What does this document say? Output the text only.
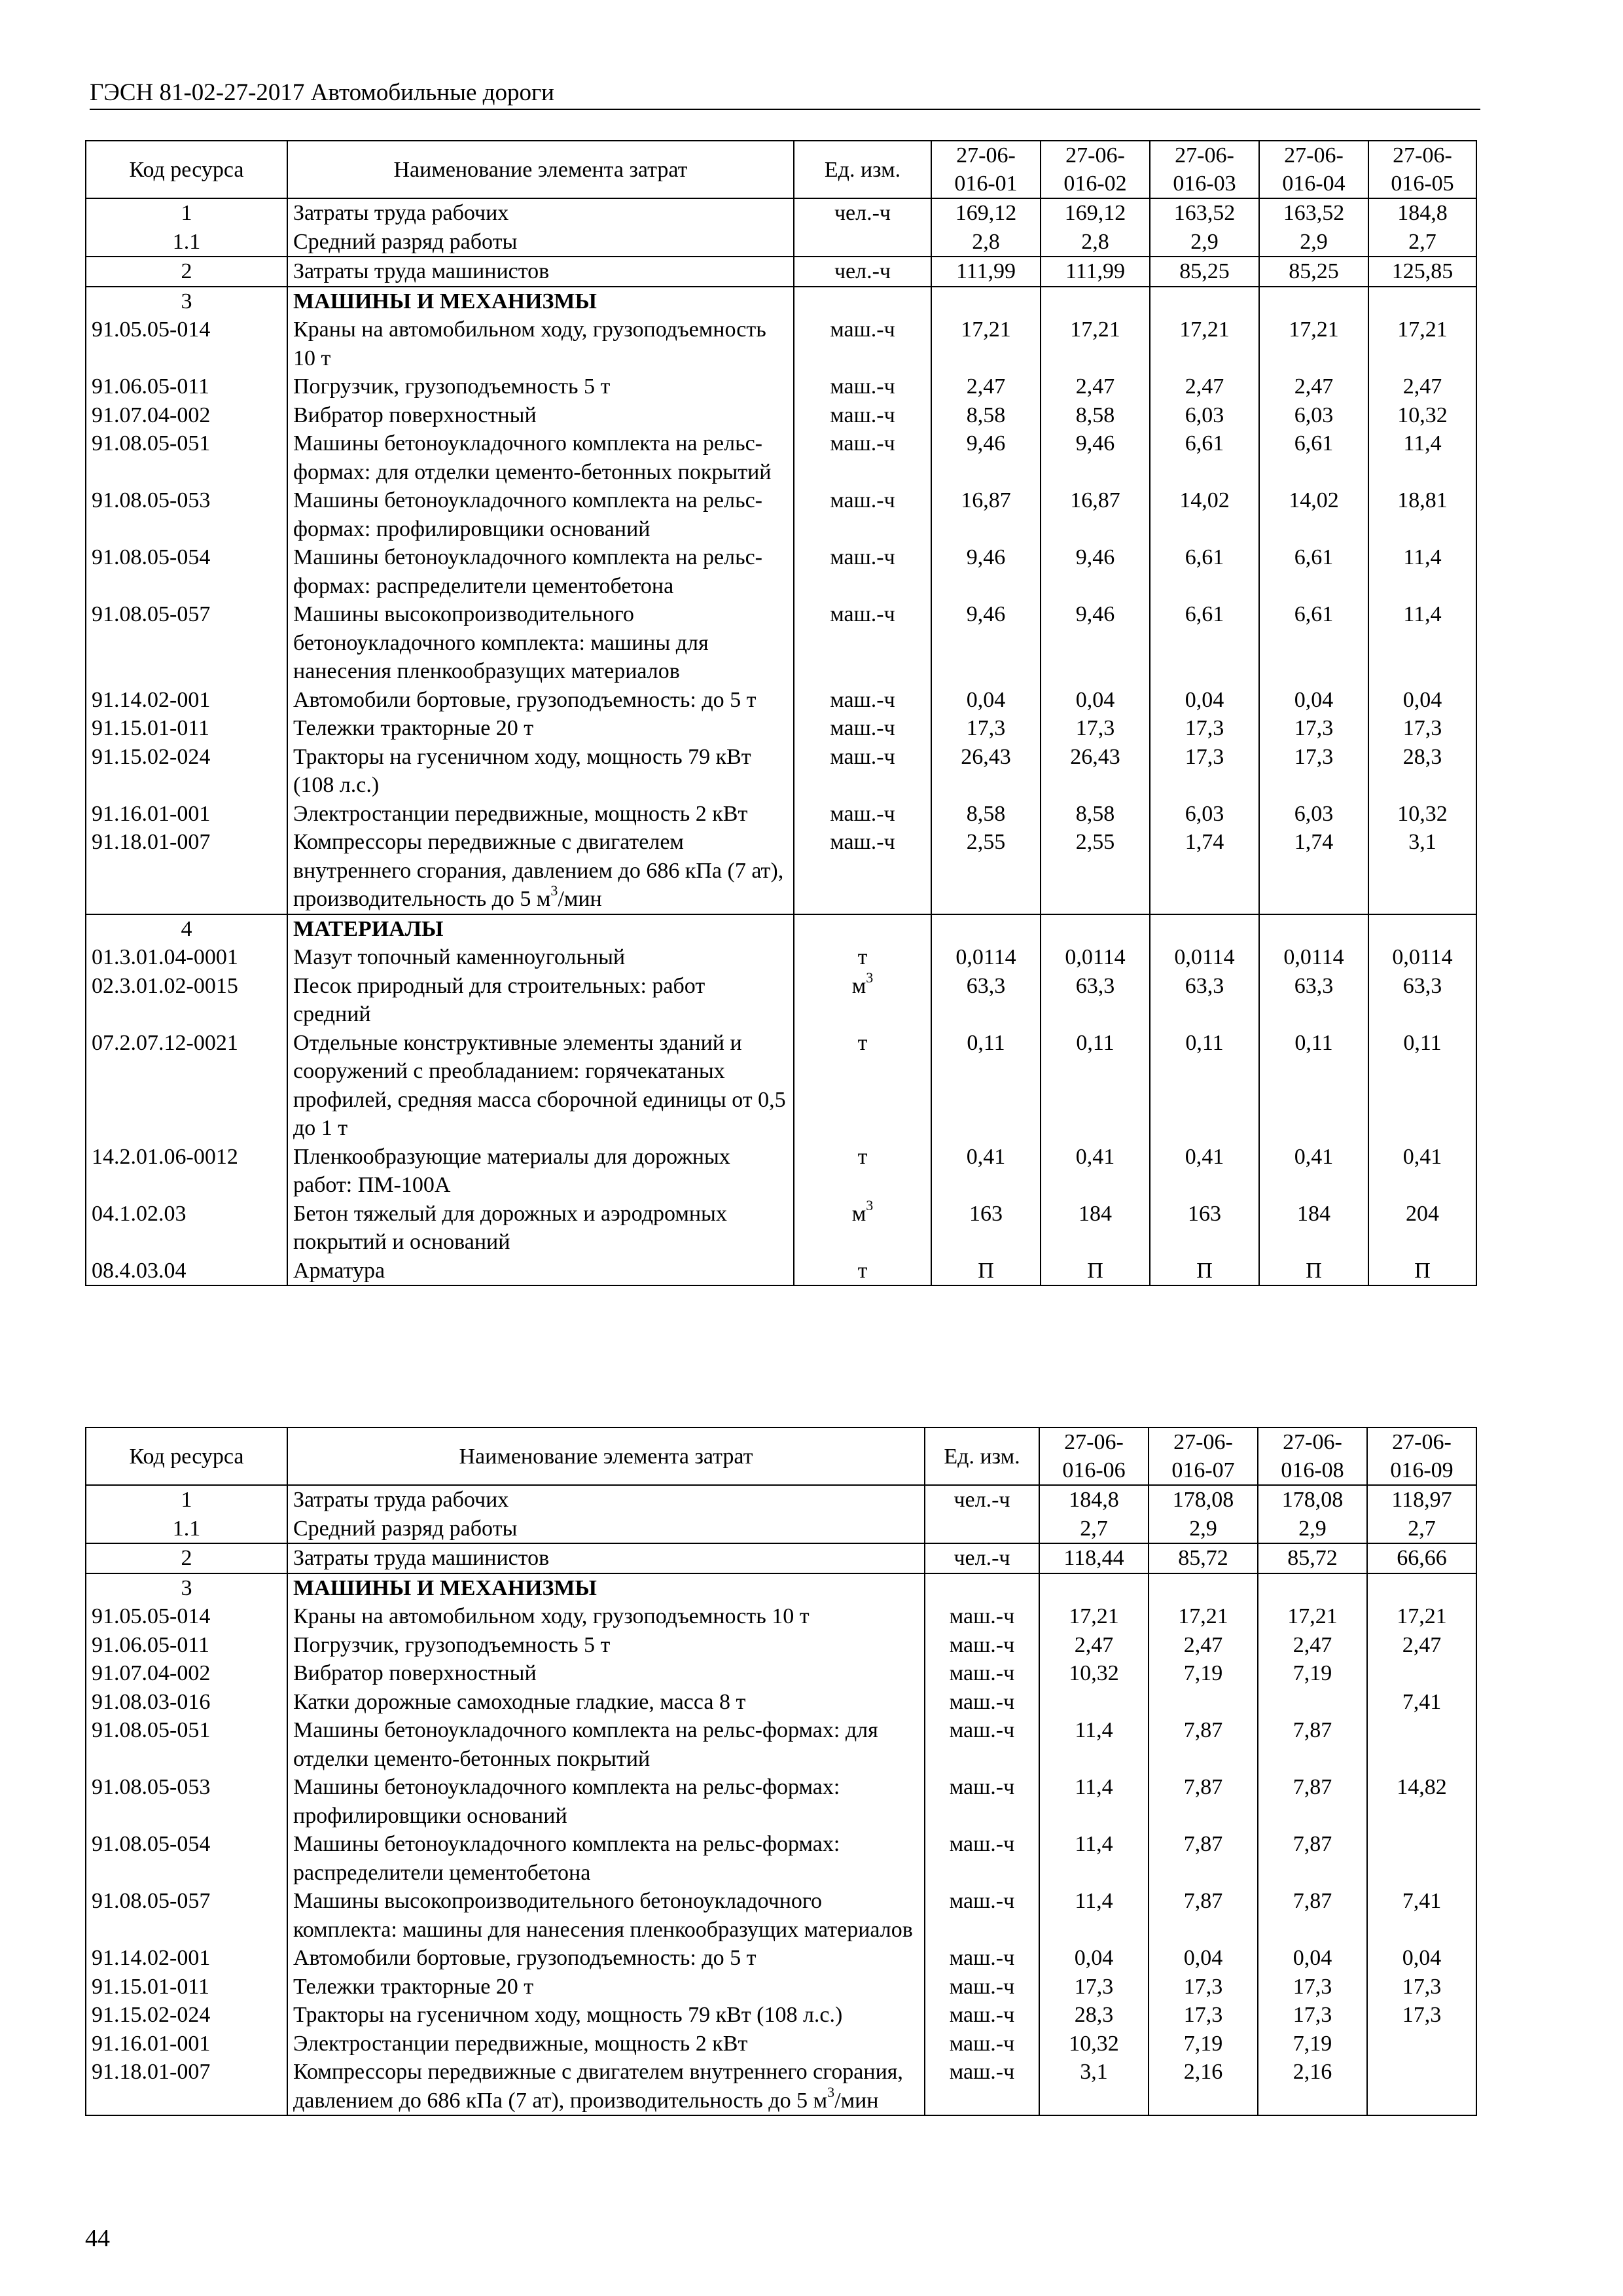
ГЭСН 81-02-27-2017 Автомобильные дороги
Код ресурса	Наименование элемента затрат	Ед. изм.	27-06-016-01	27-06-016-02	27-06-016-03	27-06-016-04	27-06-016-05
1	Затраты труда рабочих	чел.-ч	169,12	169,12	163,52	163,52	184,8
1.1	Средний разряд работы		2,8	2,8	2,9	2,9	2,7
2	Затраты труда машинистов	чел.-ч	111,99	111,99	85,25	85,25	125,85
3	МАШИНЫ И МЕХАНИЗМЫ						
91.05.05-014	Краны на автомобильном ходу, грузоподъемность 10 т	маш.-ч	17,21	17,21	17,21	17,21	17,21
91.06.05-011	Погрузчик, грузоподъемность 5 т	маш.-ч	2,47	2,47	2,47	2,47	2,47
91.07.04-002	Вибратор поверхностный	маш.-ч	8,58	8,58	6,03	6,03	10,32
91.08.05-051	Машины бетоноукладочного комплекта на рельс-формах: для отделки цементо-бетонных покрытий	маш.-ч	9,46	9,46	6,61	6,61	11,4
91.08.05-053	Машины бетоноукладочного комплекта на рельс-формах: профилировщики оснований	маш.-ч	16,87	16,87	14,02	14,02	18,81
91.08.05-054	Машины бетоноукладочного комплекта на рельс-формах: распределители цементобетона	маш.-ч	9,46	9,46	6,61	6,61	11,4
91.08.05-057	Машины высокопроизводительного бетоноукладочного комплекта: машины для нанесения пленкообразущих материалов	маш.-ч	9,46	9,46	6,61	6,61	11,4
91.14.02-001	Автомобили бортовые, грузоподъемность: до 5 т	маш.-ч	0,04	0,04	0,04	0,04	0,04
91.15.01-011	Тележки тракторные 20 т	маш.-ч	17,3	17,3	17,3	17,3	17,3
91.15.02-024	Тракторы на гусеничном ходу, мощность 79 кВт (108 л.с.)	маш.-ч	26,43	26,43	17,3	17,3	28,3
91.16.01-001	Электростанции передвижные, мощность 2 кВт	маш.-ч	8,58	8,58	6,03	6,03	10,32
91.18.01-007	Компрессоры передвижные с двигателем внутреннего сгорания, давлением до 686 кПа (7 ат), производительность до 5 $м^3$/мин	маш.-ч	2,55	2,55	1,74	1,74	3,1
4	МАТЕРИАЛЫ						
01.3.01.04-0001	Мазут топочный каменноугольный	т	0,0114	0,0114	0,0114	0,0114	0,0114
02.3.01.02-0015	Песок природный для строительных: работ средний	$м^3$	63,3	63,3	63,3	63,3	63,3
07.2.07.12-0021	Отдельные конструктивные элементы зданий и сооружений с преобладанием: горячекатаных профилей, средняя масса сборочной единицы от 0,5 до 1 т	т	0,11	0,11	0,11	0,11	0,11
14.2.01.06-0012	Пленкообразующие материалы для дорожных работ: ПМ-100А	т	0,41	0,41	0,41	0,41	0,41
04.1.02.03	Бетон тяжелый для дорожных и аэродромных покрытий и оснований	$м^3$	163	184	163	184	204
08.4.03.04	Арматура	т	П	П	П	П	П
Код ресурса	Наименование элемента затрат	Ед. изм.	27-06-016-06	27-06-016-07	27-06-016-08	27-06-016-09
1	Затраты труда рабочих	чел.-ч	184,8	178,08	178,08	118,97
1.1	Средний разряд работы		2,7	2,9	2,9	2,7
2	Затраты труда машинистов	чел.-ч	118,44	85,72	85,72	66,66
3	МАШИНЫ И МЕХАНИЗМЫ					
91.05.05-014	Краны на автомобильном ходу, грузоподъемность 10 т	маш.-ч	17,21	17,21	17,21	17,21
91.06.05-011	Погрузчик, грузоподъемность 5 т	маш.-ч	2,47	2,47	2,47	2,47
91.07.04-002	Вибратор поверхностный	маш.-ч	10,32	7,19	7,19	
91.08.03-016	Катки дорожные самоходные гладкие, масса 8 т	маш.-ч				7,41
91.08.05-051	Машины бетоноукладочного комплекта на рельс-формах: для отделки цементо-бетонных покрытий	маш.-ч	11,4	7,87	7,87	
91.08.05-053	Машины бетоноукладочного комплекта на рельс-формах: профилировщики оснований	маш.-ч	11,4	7,87	7,87	14,82
91.08.05-054	Машины бетоноукладочного комплекта на рельс-формах: распределители цементобетона	маш.-ч	11,4	7,87	7,87	
91.08.05-057	Машины высокопроизводительного бетоноукладочного комплекта: машины для нанесения пленкообразущих материалов	маш.-ч	11,4	7,87	7,87	7,41
91.14.02-001	Автомобили бортовые, грузоподъемность: до 5 т	маш.-ч	0,04	0,04	0,04	0,04
91.15.01-011	Тележки тракторные 20 т	маш.-ч	17,3	17,3	17,3	17,3
91.15.02-024	Тракторы на гусеничном ходу, мощность 79 кВт (108 л.с.)	маш.-ч	28,3	17,3	17,3	17,3
91.16.01-001	Электростанции передвижные, мощность 2 кВт	маш.-ч	10,32	7,19	7,19	
91.18.01-007	Компрессоры передвижные с двигателем внутреннего сгорания, давлением до 686 кПа (7 ат), производительность до 5 $м^3$/мин	маш.-ч	3,1	2,16	2,16	
44
